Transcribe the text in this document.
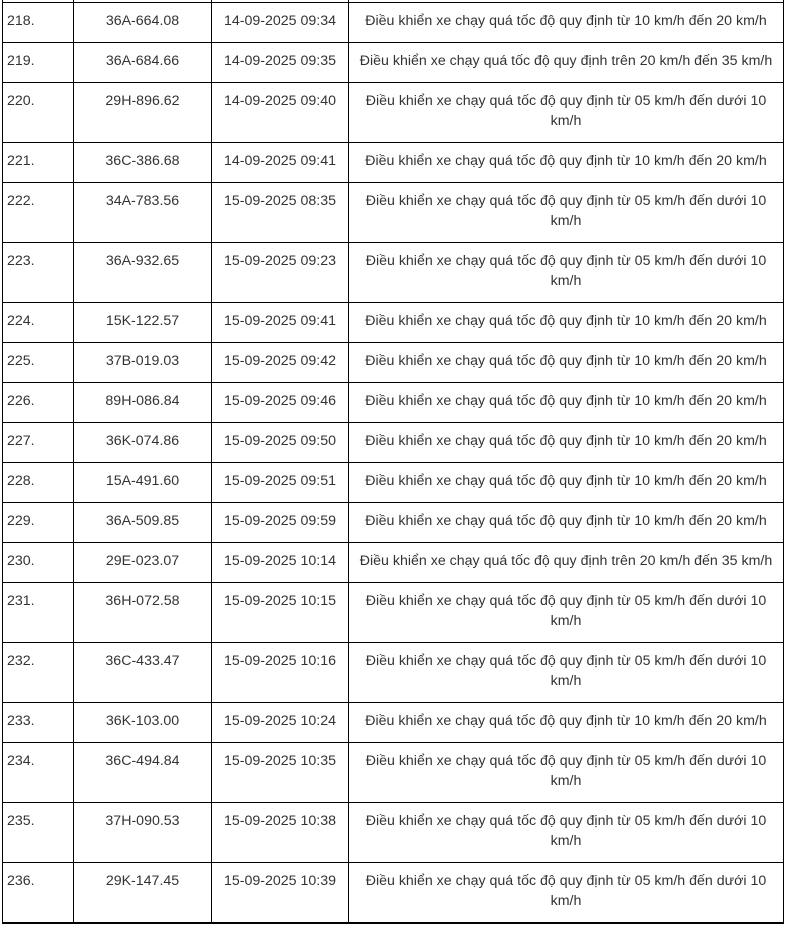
218.	36A-664.08	14-09-2025 09:34	Điều khiển xe chạy quá tốc độ quy định từ 10 km/h đến 20 km/h
219.	36A-684.66	14-09-2025 09:35	Điều khiển xe chạy quá tốc độ quy định trên 20 km/h đến 35 km/h
220.	29H-896.62	14-09-2025 09:40	Điều khiển xe chạy quá tốc độ quy định từ 05 km/h đến dưới 10 km/h
221.	36C-386.68	14-09-2025 09:41	Điều khiển xe chạy quá tốc độ quy định từ 10 km/h đến 20 km/h
222.	34A-783.56	15-09-2025 08:35	Điều khiển xe chạy quá tốc độ quy định từ 05 km/h đến dưới 10 km/h
223.	36A-932.65	15-09-2025 09:23	Điều khiển xe chạy quá tốc độ quy định từ 05 km/h đến dưới 10 km/h
224.	15K-122.57	15-09-2025 09:41	Điều khiển xe chạy quá tốc độ quy định từ 10 km/h đến 20 km/h
225.	37B-019.03	15-09-2025 09:42	Điều khiển xe chạy quá tốc độ quy định từ 10 km/h đến 20 km/h
226.	89H-086.84	15-09-2025 09:46	Điều khiển xe chạy quá tốc độ quy định từ 10 km/h đến 20 km/h
227.	36K-074.86	15-09-2025 09:50	Điều khiển xe chạy quá tốc độ quy định từ 10 km/h đến 20 km/h
228.	15A-491.60	15-09-2025 09:51	Điều khiển xe chạy quá tốc độ quy định từ 10 km/h đến 20 km/h
229.	36A-509.85	15-09-2025 09:59	Điều khiển xe chạy quá tốc độ quy định từ 10 km/h đến 20 km/h
230.	29E-023.07	15-09-2025 10:14	Điều khiển xe chạy quá tốc độ quy định trên 20 km/h đến 35 km/h
231.	36H-072.58	15-09-2025 10:15	Điều khiển xe chạy quá tốc độ quy định từ 05 km/h đến dưới 10 km/h
232.	36C-433.47	15-09-2025 10:16	Điều khiển xe chạy quá tốc độ quy định từ 05 km/h đến dưới 10 km/h
233.	36K-103.00	15-09-2025 10:24	Điều khiển xe chạy quá tốc độ quy định từ 10 km/h đến 20 km/h
234.	36C-494.84	15-09-2025 10:35	Điều khiển xe chạy quá tốc độ quy định từ 05 km/h đến dưới 10 km/h
235.	37H-090.53	15-09-2025 10:38	Điều khiển xe chạy quá tốc độ quy định từ 05 km/h đến dưới 10 km/h
236.	29K-147.45	15-09-2025 10:39	Điều khiển xe chạy quá tốc độ quy định từ 05 km/h đến dưới 10 km/h
